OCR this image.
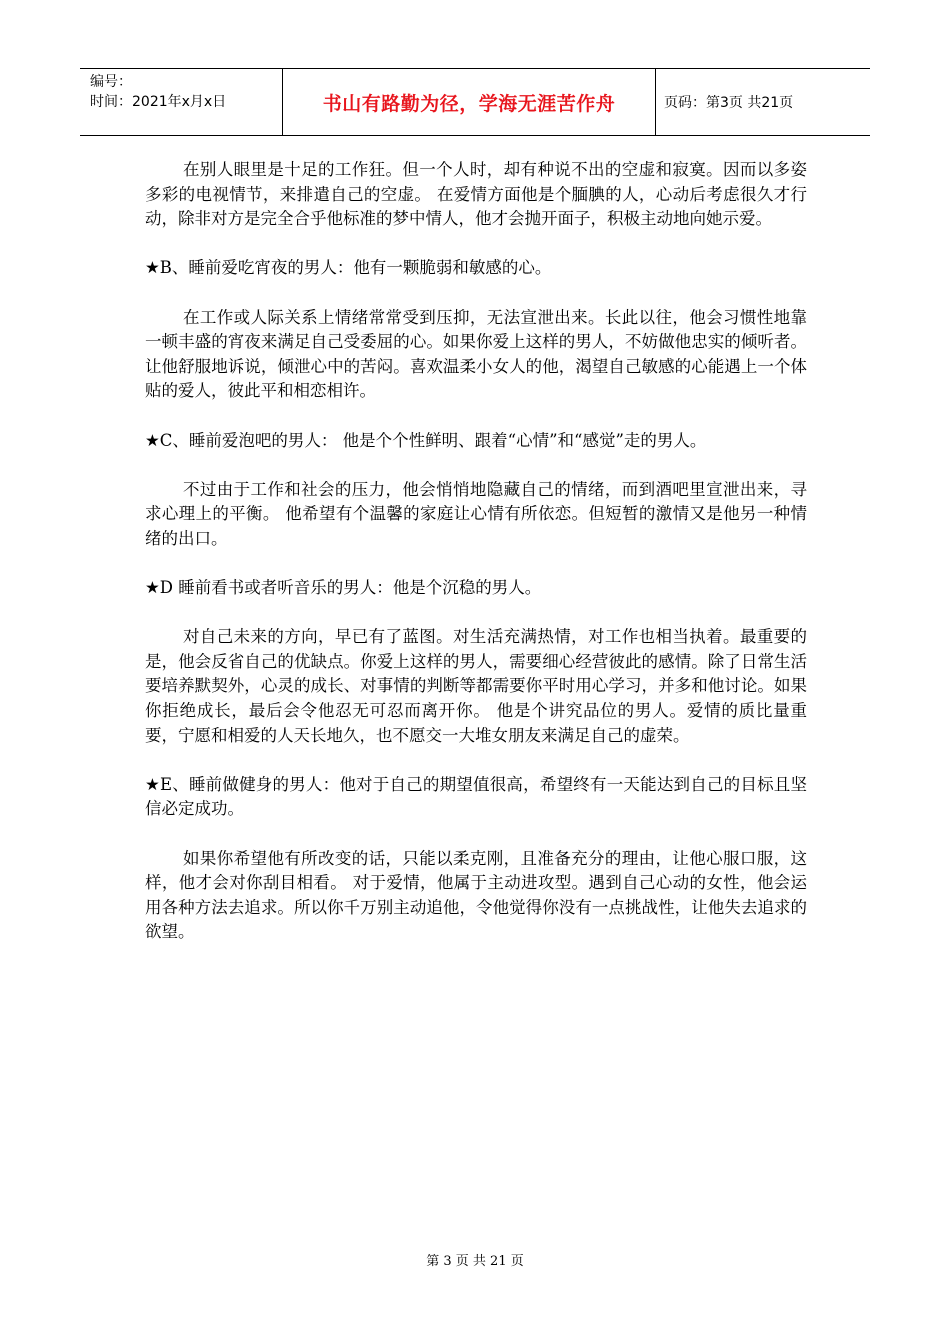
编号：
时间：2021年x月x日	书山有路勤为径，学海无涯苦作舟	页码：第3页 共21页

在别人眼里是十足的工作狂。但一个人时，却有种说不出的空虚和寂寞。因而以多姿多彩的电视情节，来排遣自己的空虚。 在爱情方面他是个腼腆的人，心动后考虑很久才行动，除非对方是完全合乎他标准的梦中情人，他才会抛开面子，积极主动地向她示爱。

★B、睡前爱吃宵夜的男人：他有一颗脆弱和敏感的心。

在工作或人际关系上情绪常常受到压抑，无法宣泄出来。长此以往，他会习惯性地靠一顿丰盛的宵夜来满足自己受委屈的心。如果你爱上这样的男人，不妨做他忠实的倾听者。让他舒服地诉说，倾泄心中的苦闷。喜欢温柔小女人的他，渴望自己敏感的心能遇上一个体贴的爱人，彼此平和相恋相许。

★C、睡前爱泡吧的男人： 他是个个性鲜明、跟着“心情”和“感觉”走的男人。

不过由于工作和社会的压力，他会悄悄地隐藏自己的情绪，而到酒吧里宣泄出来，寻求心理上的平衡。 他希望有个温馨的家庭让心情有所依恋。但短暂的激情又是他另一种情绪的出口。

★D 睡前看书或者听音乐的男人：他是个沉稳的男人。

对自己未来的方向，早已有了蓝图。对生活充满热情，对工作也相当执着。最重要的是，他会反省自己的优缺点。你爱上这样的男人，需要细心经营彼此的感情。除了日常生活要培养默契外，心灵的成长、对事情的判断等都需要你平时用心学习，并多和他讨论。如果你拒绝成长，最后会令他忍无可忍而离开你。 他是个讲究品位的男人。爱情的质比量重要，宁愿和相爱的人天长地久，也不愿交一大堆女朋友来满足自己的虚荣。

★E、睡前做健身的男人：他对于自己的期望值很高，希望终有一天能达到自己的目标且坚信必定成功。

如果你希望他有所改变的话，只能以柔克刚，且准备充分的理由，让他心服口服，这样，他才会对你刮目相看。 对于爱情，他属于主动进攻型。遇到自己心动的女性，他会运用各种方法去追求。所以你千万别主动追他，令他觉得你没有一点挑战性，让他失去追求的欲望。

第 3 页 共 21 页
